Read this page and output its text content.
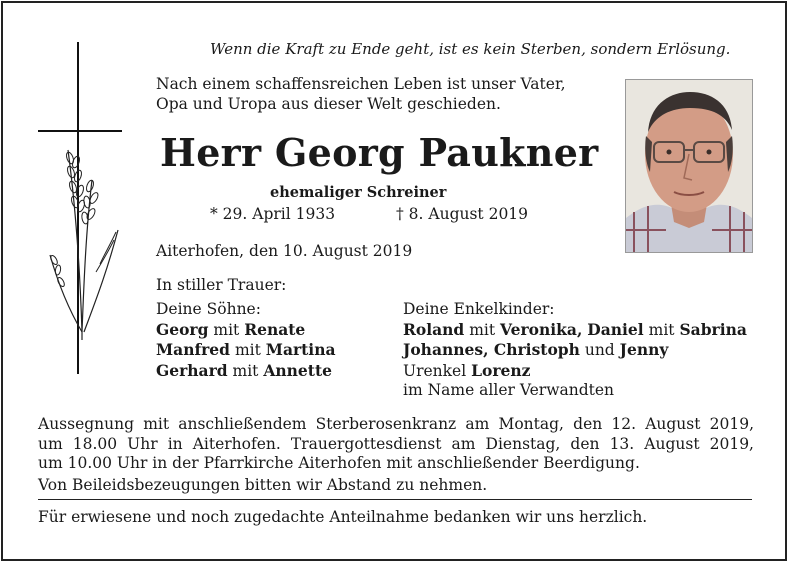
Wenn die Kraft zu Ende geht, ist es kein Sterben, sondern Erlösung.
Nach einem schaffensreichen Leben ist unser Vater,
Opa und Uropa aus dieser Welt geschieden.
Herr Georg Paukner
ehemaliger Schreiner
* 29. April 1933	† 8. August 2019
Aiterhofen, den 10. August 2019
In stiller Trauer:
Deine Söhne:
Georg mit Renate
Manfred mit Martina
Gerhard mit Annette
Deine Enkelkinder:
Roland mit Veronika, Daniel mit Sabrina
Johannes, Christoph und Jenny
Urenkel Lorenz
im Name aller Verwandten
Aussegnung mit anschließendem Sterberosenkranz am Montag, den 12. August 2019,
um 18.00 Uhr in Aiterhofen. Trauergottesdienst am Dienstag, den 13. August 2019,
um 10.00 Uhr in der Pfarrkirche Aiterhofen mit anschließender Beerdigung.
Von Beileidsbezeugungen bitten wir Abstand zu nehmen.
Für erwiesene und noch zugedachte Anteilnahme bedanken wir uns herzlich.
